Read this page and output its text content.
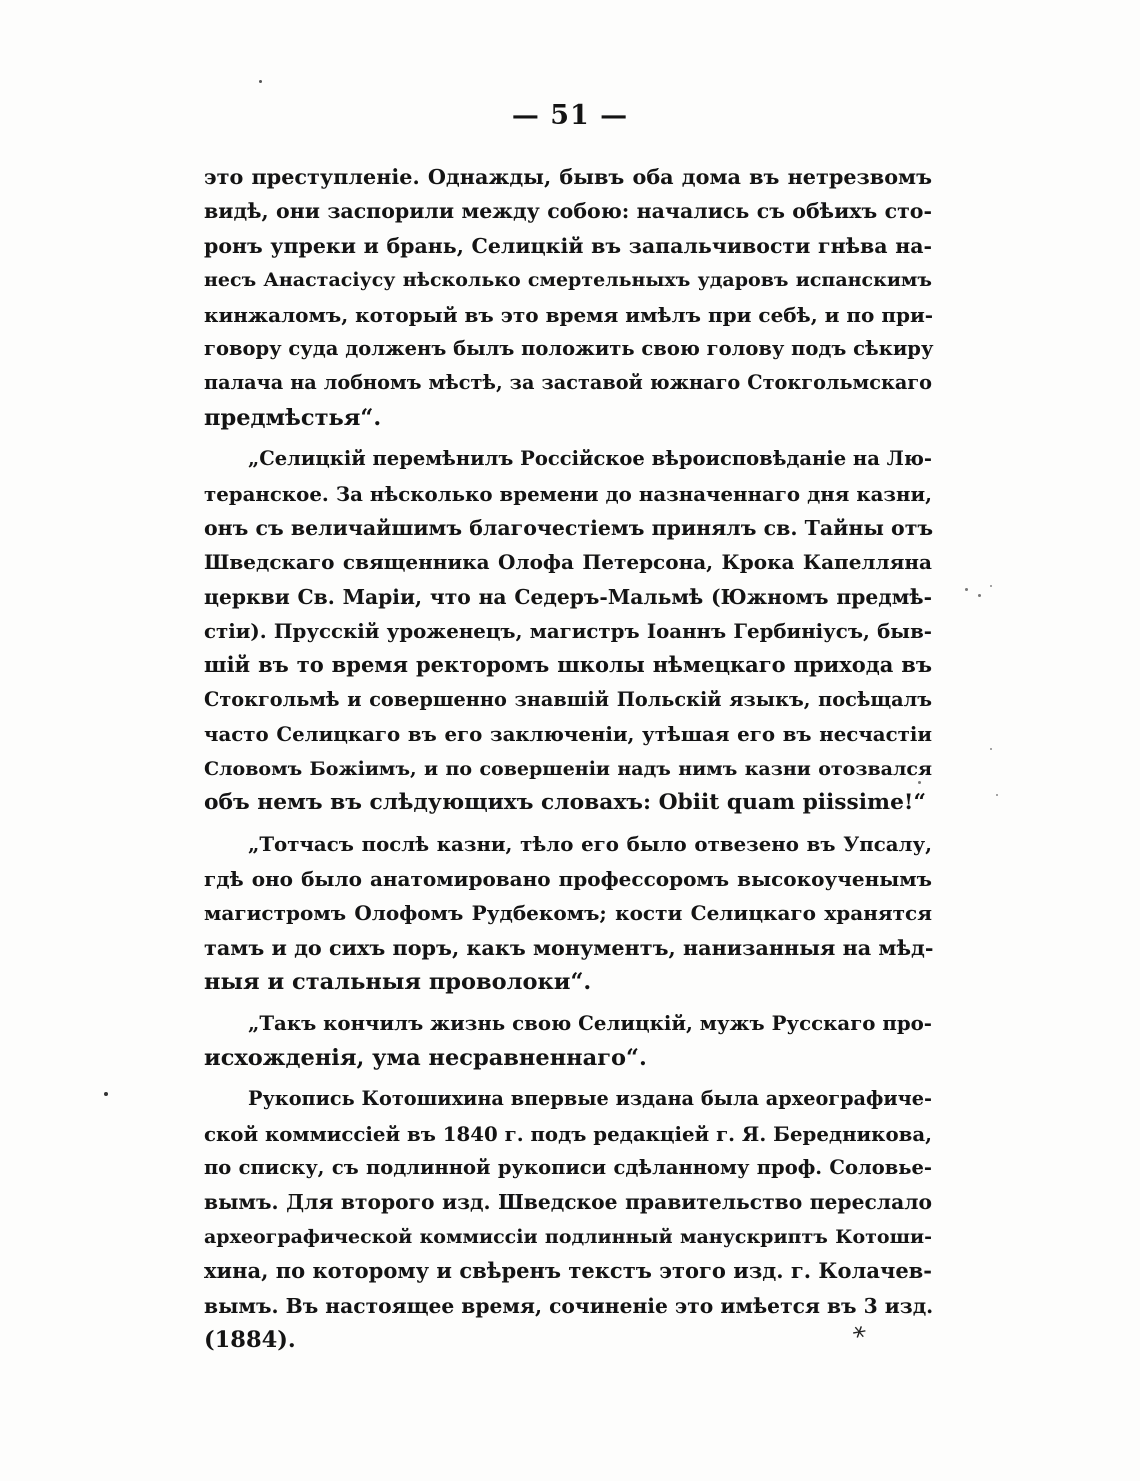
— 51 —
это преступленіе. Однажды, бывъ оба дома въ нетрезвомъ
видѣ, они заспорили между собою: начались съ обѣихъ сто-
ронъ упреки и брань, Селицкій въ запальчивости гнѣва на-
несъ Анастасіусу нѣсколько смертельныхъ ударовъ испанскимъ
кинжаломъ, который въ это время имѣлъ при себѣ, и по при-
говору суда долженъ былъ положить свою голову подъ сѣкиру
палача на лобномъ мѣстѣ, за заставой южнаго Стокгольмскаго
предмѣстья“.
„Селицкій перемѣнилъ Россійское вѣроисповѣданіе на Лю-
теранское. За нѣсколько времени до назначеннаго дня казни,
онъ съ величайшимъ благочестіемъ принялъ св. Тайны отъ
Шведскаго священника Олофа Петерсона, Крока Капелляна
церкви Св. Маріи, что на Седеръ-Мальмѣ (Южномъ предмѣ-
стіи). Прусскій уроженецъ, магистръ Іоаннъ Гербиніусъ, быв-
шій въ то время ректоромъ школы нѣмецкаго прихода въ
Стокгольмѣ и совершенно знавшій Польскій языкъ, посѣщалъ
часто Селицкаго въ его заключеніи, утѣшая его въ несчастіи
Словомъ Божіимъ, и по совершеніи надъ нимъ казни отозвался
объ немъ въ слѣдующихъ словахъ: Obiit quam piissime!“
„Тотчасъ послѣ казни, тѣло его было отвезено въ Упсалу,
гдѣ оно было анатомировано профессоромъ высокоученымъ
магистромъ Олофомъ Рудбекомъ; кости Селицкаго хранятся
тамъ и до сихъ поръ, какъ монументъ, нанизанныя на мѣд-
ныя и стальныя проволоки“.
„Такъ кончилъ жизнь свою Селицкій, мужъ Русскаго про-
исхожденія, ума несравненнаго“.
Рукопись Котошихина впервые издана была археографиче-
ской коммиссіей въ 1840 г. подъ редакціей г. Я. Бередникова,
по списку, съ подлинной рукописи сдѣланному проф. Соловье-
вымъ. Для второго изд. Шведское правительство переслало
археографической коммиссіи подлинный манускриптъ Котоши-
хина, по которому и свѣренъ текстъ этого изд. г. Колачев-
вымъ. Въ настоящее время, сочиненіе это имѣется въ 3 изд.
(1884).	*
